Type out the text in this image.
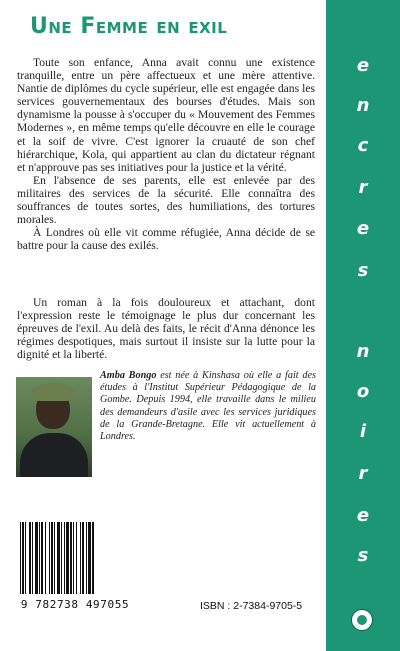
Une Femme en exil

Toute son enfance, Anna avait connu une existence tranquille, entre un père affectueux et une mère attentive. Nantie de diplômes du cycle supérieur, elle est engagée dans les services gouvernementaux des bourses d'études. Mais son dynamisme la pousse à s'occuper du « Mouvement des Femmes Modernes », en même temps qu'elle découvre en elle le courage et la soif de vivre. C'est ignorer la cruauté de son chef hiérarchique, Kola, qui appartient au clan du dictateur régnant et n'approuve pas ses initiatives pour la justice et la vérité.

En l'absence de ses parents, elle est enlevée par des militaires des services de la sécurité. Elle connaîtra des souffrances de toutes sortes, des humiliations, des tortures morales.

À Londres où elle vit comme réfugiée, Anna décide de se battre pour la cause des exilés.

Un roman à la fois douloureux et attachant, dont l'expression reste le témoignage le plus dur concernant les épreuves de l'exil. Au delà des faits, le récit d'Anna dénonce les régimes despotiques, mais surtout il insiste sur la lutte pour la dignité et la liberté.

Amba Bongo est née à Kinshasa où elle a fait des études à l'Institut Supérieur Pédagogique de la Gombe. Depuis 1994, elle travaille dans le milieu des demandeurs d'asile avec les services juridiques de la Grande-Bretagne. Elle vit actuellement à Londres.
9 782738 497055	ISBN : 2-7384-9705-5
e
n
c
r
e
s
n
o
i
r
e
s
